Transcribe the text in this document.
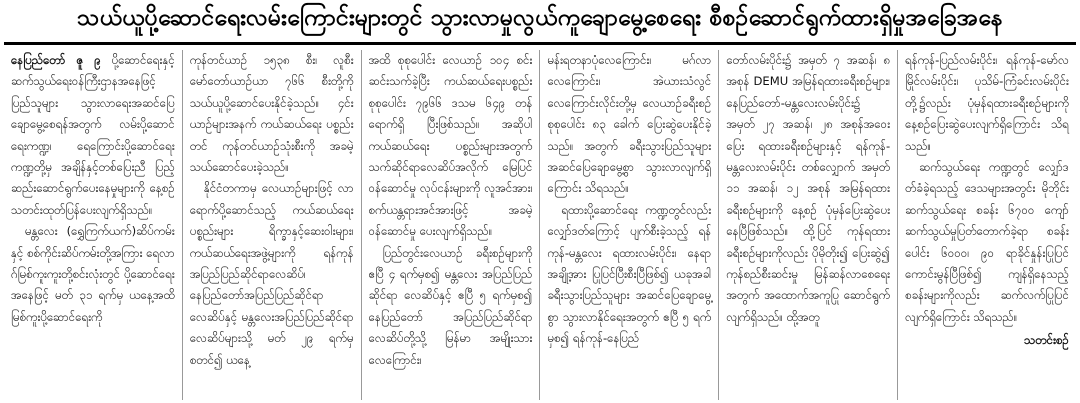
သယ်ယူပို့ဆောင်ရေးလမ်းကြောင်းများတွင် သွားလာမှုလွယ်ကူချောမွေ့စေရေး စီစဉ်ဆောင်ရွက်ထားရှိမှုအခြေအနေ

နေပြည်တော် ဇူ ၉ ပို့ဆောင်ရေးနှင့် ဆက်သွယ်ရေးဝန်ကြီးဌာနအနေဖြင့် ပြည်သူများ သွားလာရေးအဆင်ပြေချောမွေ့စေရန်အတွက် လမ်းပို့ဆောင်ရေးကဏ္ဍ၊ ရေကြောင်းပို့ဆောင်ရေးကဏ္ဍတို့မှ အချိန်နှင့်တစ်ပြေးညီ ပြည့်ဆည်းဆောင်ရွက်ပေးနေမှုများကို နေ့စဉ်သတင်းထုတ်ပြန်ပေးလျက်ရှိသည်။

မန္တလေး (ရွှေကြက်ယက်)ဆိပ်ကမ်းနှင့် စစ်ကိုင်းဆိပ်ကမ်းတို့အကြား ရေလာဂ်မြစ်ကူးကူးတို့စင်းလုံးတွင် ပို့ဆောင်ရေးအနေဖြင့် မတ် ၃၁ ရက်မှ ယနေ့အထိ မြစ်ကူးပို့ဆောင်ရေးကို

ကုန်တင်ယာဉ် ၁၅၃၈ စီး၊ လူစီးမော်တော်ယာဉ်ယာ ၇၆၆ စီးတို့ကို သယ်ယူပို့ဆောင်ပေးနိုင်ခဲ့သည်။ ၄င်းယာဉ်များအနက် ကယ်ဆယ်ရေး ပစ္စည်းတင် ကုန်တင်ယာဉ်သုံးစီးကို အခမဲ့ သယ်ဆောင်ပေးခဲ့သည်။

နိုင်ငံတကာမှ လေယာဉ်များဖြင့် လာရောက်ပို့ဆောင်သည့် ကယ်ဆယ်ရေးပစ္စည်းများ ရိက္ခာနှင့်ဆေးဝါးများ၊ ကယ်ဆယ်ရေးအဖွဲ့များကို ရန်ကုန်အပြည်ပြည်ဆိုင်ရာလေဆိပ်၊ နေပြည်တော်အပြည်ပြည်ဆိုင်ရာလေဆိပ်နှင့် မန္တလေးအပြည်ပြည်ဆိုင်ရာ လေဆိပ်များသို့ မတ် ၂၉ ရက်မှ စတင်၍ ယနေ့

အထိ စုစုပေါင်း လေယာဉ် ၁၀၄ စင်း ဆင်းသက်ခဲ့ပြီး ကယ်ဆယ်ရေးပစ္စည်း စုစုပေါင်း ၇၉၆၆ ဒသမ ၆၄၉ တန်ရောက်ရှိ ပြီးဖြစ်သည်။ အဆိုပါ ကယ်ဆယ်ရေး ပစ္စည်းများအတွက် သက်ဆိုင်ရာလေဆိပ်အလိုက် မြေပြင်ဝန်ဆောင်မှု လုပ်ငန်းများကို လူအင်အား၊ စက်ယန္တရားအင်အားဖြင့် အခမဲ့ဝန်ဆောင်မှု ပေးလျက်ရှိသည်။

ပြည်တွင်းလေယာဉ် ခရီးစဉ်များကို ဧပြီ ၄ ရက်မှစ၍ မန္တလေး အပြည်ပြည်ဆိုင်ရာ လေဆိပ်နှင့် ဧပြီ ၅ ရက်မှစ၍ နေပြည်တော် အပြည်ပြည်ဆိုင်ရာလေဆိပ်တို့သို့ မြန်မာ အမျိုးသားလေကြောင်း၊

မန်းရတနာပုံလေကြောင်း၊ မဂ်လာလေကြောင်း၊ အဲယားသံလွင်လေကြောင်းလိုင်းတို့မှ လေယာဉ်ခရီးစဉ် စုစုပေါင်း ၈၃ ခေါက် ပြေးဆွဲပေးနိုင်ခဲ့သည်။ အတွက် ခရီးသွားပြည်သူများ အဆင်ပြေချောမွေ့စွာ သွားလာလျက်ရှိကြောင်း သိရသည်။

ရထားပို့ဆောင်ရေး ကဏ္ဍတွင်လည်း လျှော်ဒတ်ကြောင့် ပျက်စီးခဲ့သည့် ရန်ကုန်-မန္တလေး ရထားလမ်းပိုင်း၊ နေရာအချို့အား ပြုပြင်ပြီးစီးပြီဖြစ်၍ ယခုအခါ ခရီးသွားပြည်သူများ အဆင်ပြေချောမွေ့စွာ သွားလာနိုင်ရေးအတွက် ဧပြီ ၅ ရက်မှစ၍ ရန်ကုန်-နေပြည်

တော်လမ်းပိုင်း၌ အမှတ် ၇ အဆန်၊ ၈ အစုန် DEMU အမြန်ရထားခရီးစဉ်များ၊ နေပြည်တော်-မန္တလေးလမ်းပိုင်း၌ အမှတ် ၂၇ အဆန်၊ ၂၈ အစုန်အဝေးပြေး ရထားခရီးစဉ်များနှင့် ရန်ကုန်-မန္တလေးလမ်းပိုင်း တစ်လျှောက် အမှတ် ၁၁ အဆန်၊ ၁၂ အစုန် အမြန်ရထား ခရီးစဉ်များကို နေ့စဉ် ပုံမှန်ပြေးဆွဲပေးနေပြီဖြစ်သည်။ ထို့ပြင် ကုန်ရထားခရီးစဉ်များကိုလည်း ပိုမိုတိုး၍ ပြေးဆွဲ၍ ကုန်စည်စီးဆင်းမှု မြန်ဆန်လာစေရေး အတွက် အထောက်အကူပြု ဆောင်ရွက်လျက်ရှိသည်။ ထို့အတူ

ရန်ကုန်-ပြည်လမ်းပိုင်း၊ ရန်ကုန်-မော်လမြိုင်လမ်းပိုင်း၊ ပုသိမ်-ကြံခင်းလမ်းပိုင်းတို့၌လည်း ပုံမှန်ရထားခရီးစဉ်များကို နေ့စဉ်ပြေးဆွဲပေးလျက်ရှိကြောင်း သိရသည်။

ဆက်သွယ်ရေး ကဏ္ဍတွင် လျှော်ဒတ်ခံခဲ့ရသည့် ဒေသများအတွင်း မိုဘိုင်းဆက်သွယ်ရေး စခန်း ၆၇၀၀ ကျော်ဆက်သွယ်မှုပြတ်တောက်ခဲ့ရာ စခန်းပေါင်း ၆၀၀၀၊ ၉၀ ရာခိုင်နှုန်းပြုပြင်ကောင်းမွန်ပြီဖြစ်၍ ကျန်ရှိနေသည့် စခန်းများကိုလည်း ဆက်လက်ပြုပြင်လျက်ရှိကြောင်း သိရသည်။

သတင်းစဉ်
